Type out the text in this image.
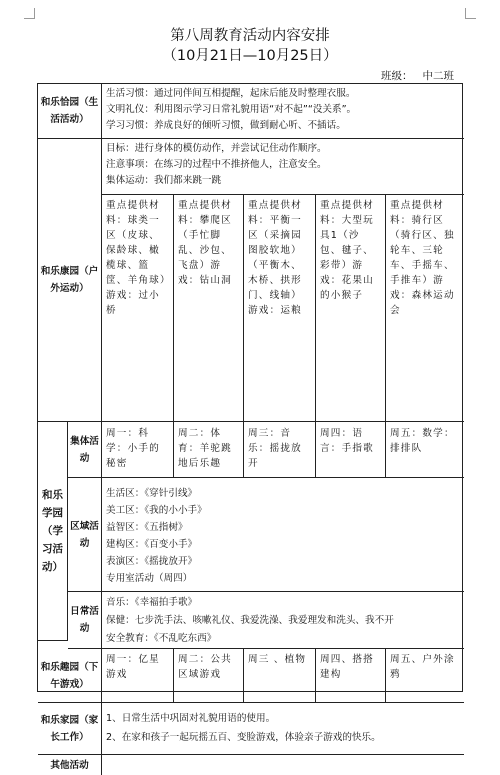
第八周教育活动内容安排
（10月21日—10月25日）
班级： 中二班
和乐恰园（生活活动）
生活习惯：通过同伴间互相提醒，起床后能及时整理衣服。
文明礼仪：利用图示学习日常礼貌用语“对不起”“没关系”。
学习习惯：养成良好的倾听习惯，做到耐心听、不插话。
和乐康园（户外运动）
目标：进行身体的模仿动作，并尝试记住动作顺序。
注意事项：在练习的过程中不推挤他人，注意安全。
集体运动：我们都来跳一跳
重点提供材料：球类一区（皮球、保龄球、橄榄球、篮筐、羊角球）游戏：过小桥
重点提供材料：攀爬区（手忙脚乱、沙包、飞盘）游戏：钻山洞
重点提供材料：平衡一区（采摘园图胶软地）（平衡木、木桥、拱形门、线轴）游戏：运粮
重点提供材料：大型玩具1（沙包、毽子、彩带）游戏：花果山的小猴子
重点提供材料：骑行区（骑行区、独轮车、三轮车、手摇车、手推车）游戏：森林运动会
和乐学园（学习活动）
集体活动
周一：科学：小手的秘密
周二：体育：羊驼跳地后乐趣
周三：音乐：摇拢放开
周四：语言：手指歌
周五：数学：排排队
区域活动
生活区：《穿针引线》
美工区：《我的小小手》
益智区：《五指树》
建构区：《百变小手》
表演区：《摇拢放开》
专用室活动（周四）
日常活动
音乐：《幸福拍手歌》
保健：七步洗手法、咳嗽礼仪、我爱洗澡、我爱理发和洗头、我不开
安全教育：《不乱吃东西》
和乐趣园（下午游戏）
周一：亿星游戏
周二：公共区域游戏
周三 、植物	周四、搭搭建构
周五、户外涂鸦
和乐家园（家长工作）
1、日常生活中巩固对礼貌用语的使用。
2、在家和孩子一起玩摇五百、变脸游戏，体验亲子游戏的快乐。
其他活动
